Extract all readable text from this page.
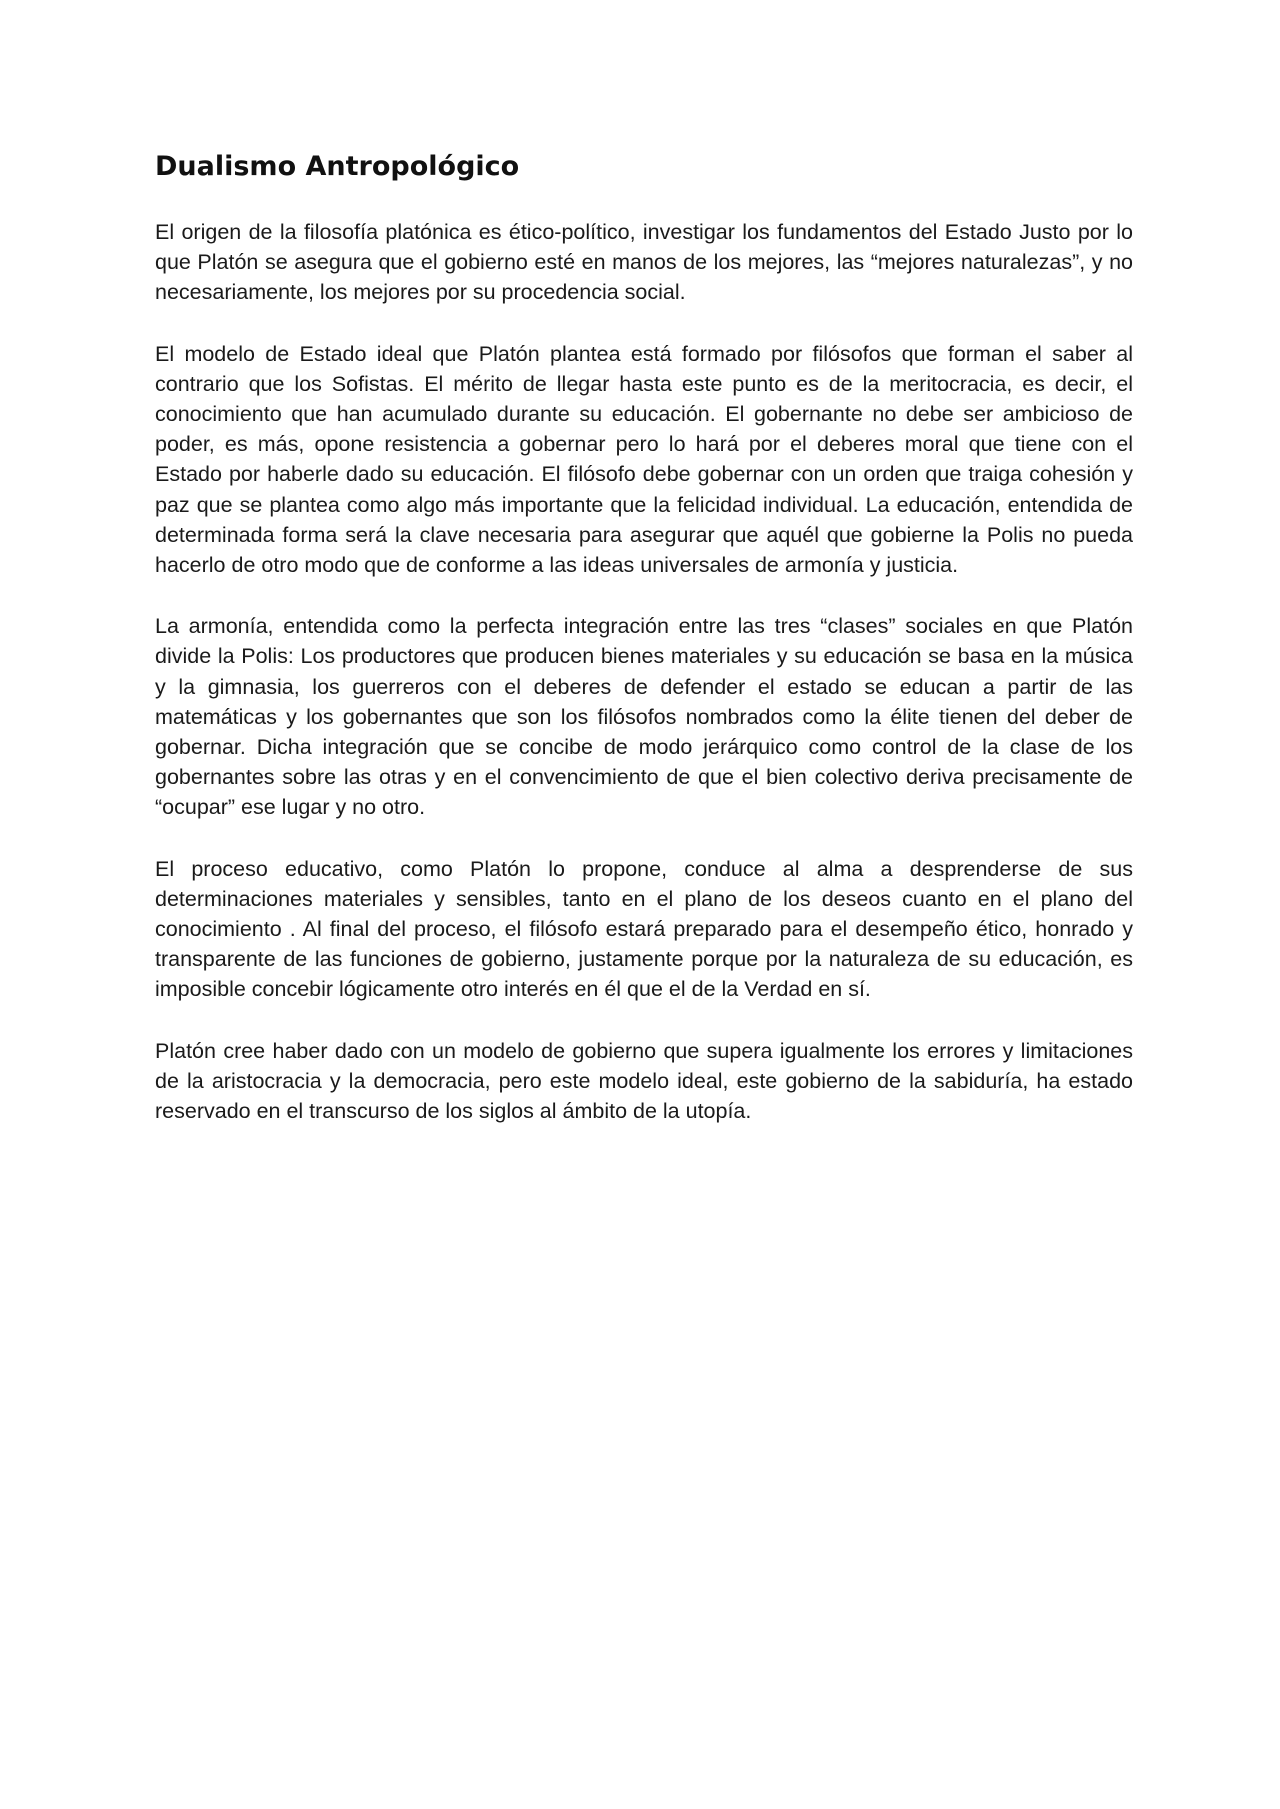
Dualismo Antropológico

El origen de la filosofía platónica es ético-político, investigar los fundamentos del Estado Justo por lo que Platón se asegura que el gobierno esté en manos de los mejores, las “mejores naturalezas”, y no necesariamente, los mejores por su procedencia social.

El modelo de Estado ideal que Platón plantea está formado por filósofos que forman el saber al contrario que los Sofistas. El mérito de llegar hasta este punto es de la meritocracia, es decir, el conocimiento que han acumulado durante su educación. El gobernante no debe ser ambicioso de poder, es más, opone resistencia a gobernar pero lo hará por el deberes moral que tiene con el Estado por haberle dado su educación. El filósofo debe gobernar con un orden que traiga cohesión y paz que se plantea como algo más importante que la felicidad individual. La educación, entendida de determinada forma será la clave necesaria para asegurar que aquél que gobierne la Polis no pueda hacerlo de otro modo que de conforme a las ideas universales de armonía y justicia.

La armonía, entendida como la perfecta integración entre las tres “clases” sociales en que Platón divide la Polis: Los productores que producen bienes materiales y su educación se basa en la música y la gimnasia, los guerreros con el deberes de defender el estado se educan a partir de las matemáticas y los gobernantes que son los filósofos nombrados como la élite tienen del deber de gobernar. Dicha integración que se concibe de modo jerárquico como control de la clase de los gobernantes sobre las otras y en el convencimiento de que el bien colectivo deriva precisamente de “ocupar” ese lugar y no otro.

El proceso educativo, como Platón lo propone, conduce al alma a desprenderse de sus determinaciones materiales y sensibles, tanto en el plano de los deseos cuanto en el plano del conocimiento . Al final del proceso, el filósofo estará preparado para el desempeño ético, honrado y transparente de las funciones de gobierno, justamente porque por la naturaleza de su educación, es imposible concebir lógicamente otro interés en él que el de la Verdad en sí.

Platón cree haber dado con un modelo de gobierno que supera igualmente los errores y limitaciones de la aristocracia y la democracia, pero este modelo ideal, este gobierno de la sabiduría, ha estado reservado en el transcurso de los siglos al ámbito de la utopía.
